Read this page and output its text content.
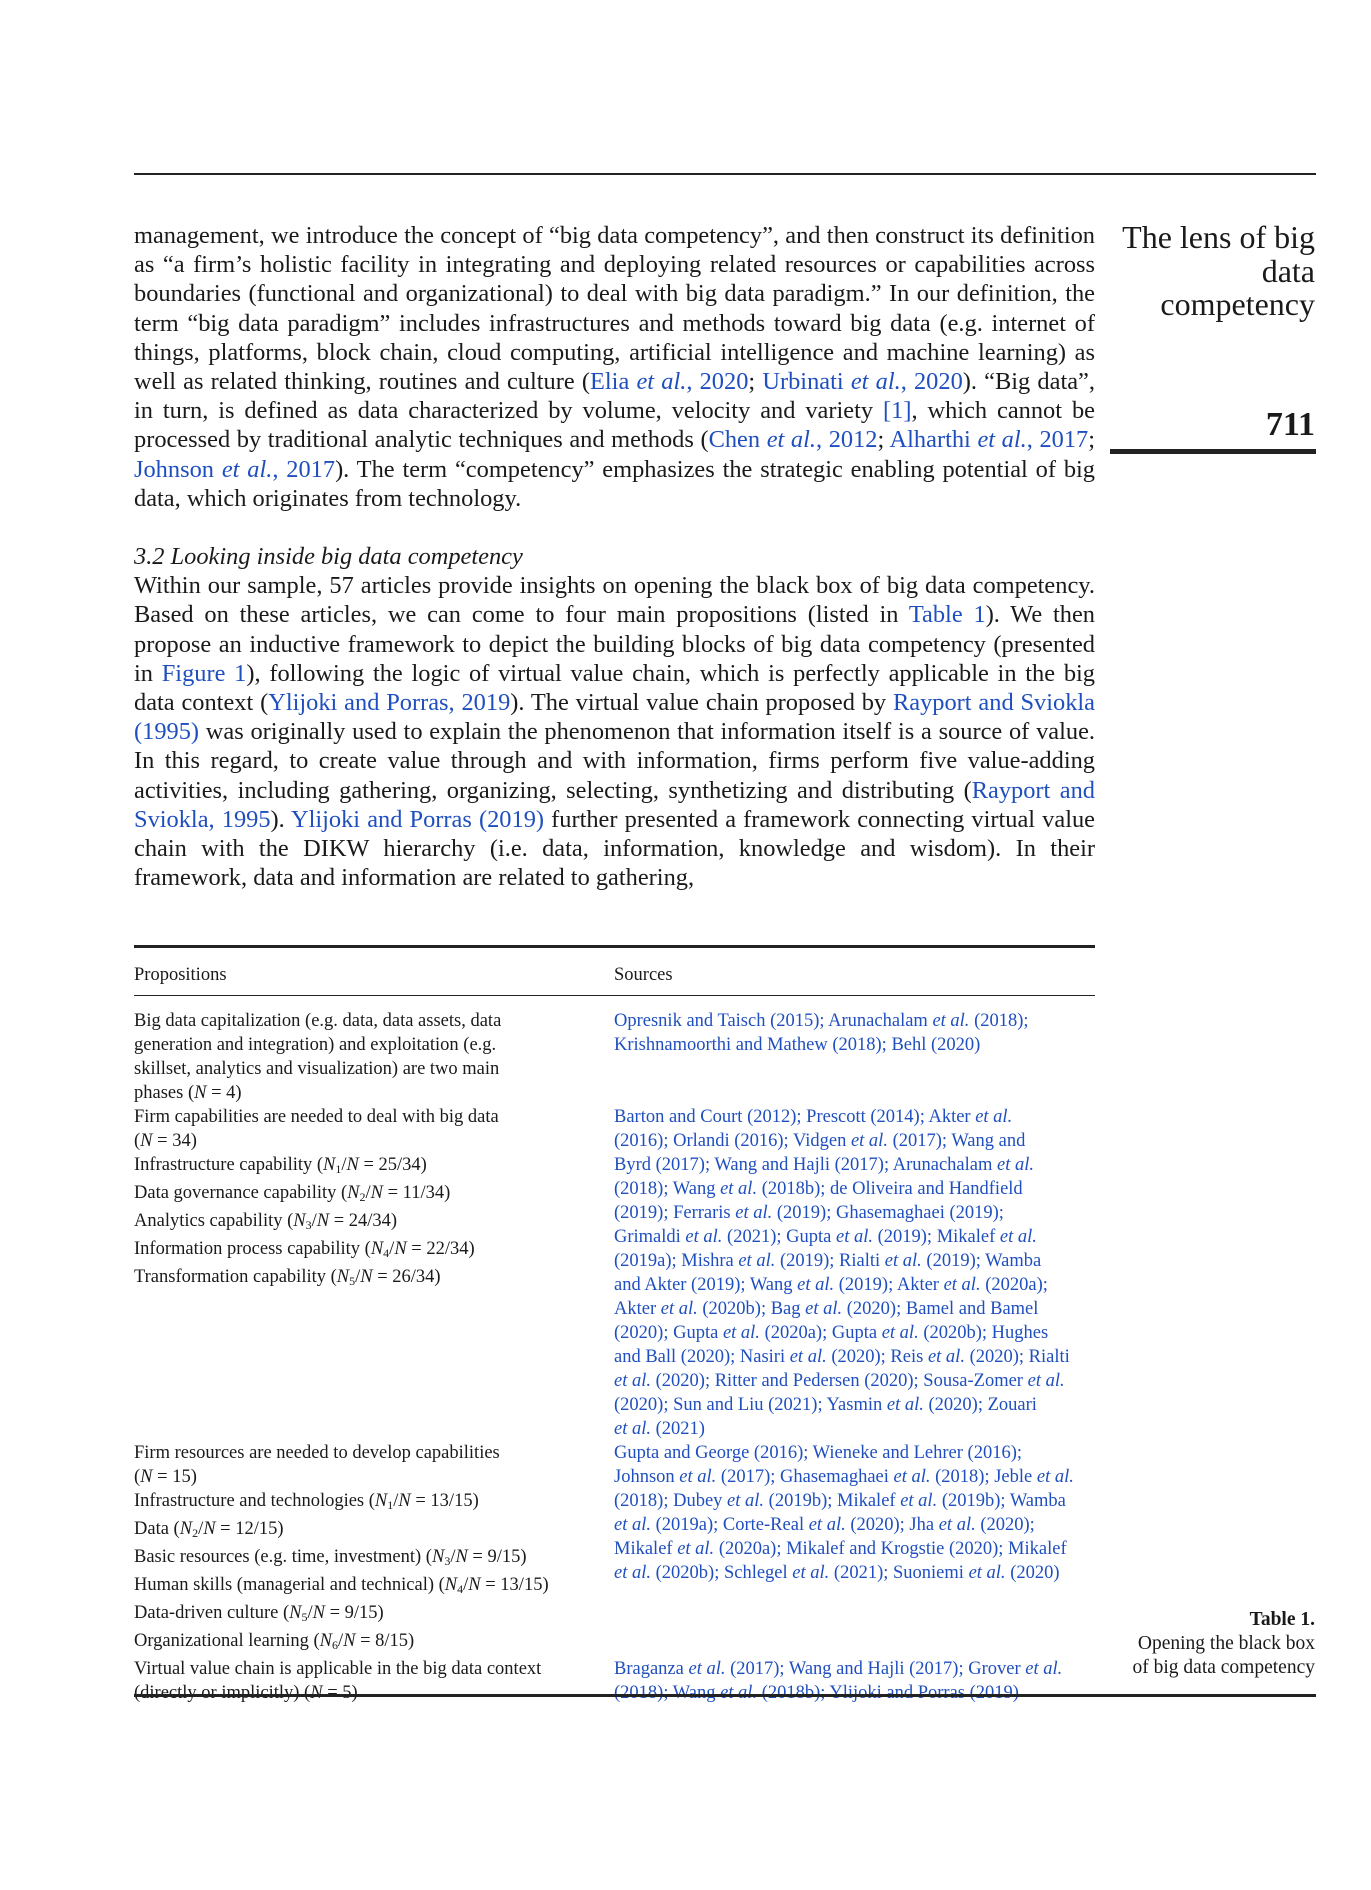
The lens of big
data
competency
711

management, we introduce the concept of “big data competency”, and then construct its definition as “a firm’s holistic facility in integrating and deploying related resources or capabilities across boundaries (functional and organizational) to deal with big data paradigm.” In our definition, the term “big data paradigm” includes infrastructures and methods toward big data (e.g. internet of things, platforms, block chain, cloud computing, artificial intelligence and machine learning) as well as related thinking, routines and culture (Elia et al., 2020; Urbinati et al., 2020). “Big data”, in turn, is defined as data characterized by volume, velocity and variety [1], which cannot be processed by traditional analytic techniques and methods (Chen et al., 2012; Alharthi et al., 2017; Johnson et al., 2017). The term “competency” emphasizes the strategic enabling potential of big data, which originates from technology.

3.2 Looking inside big data competency

Within our sample, 57 articles provide insights on opening the black box of big data competency. Based on these articles, we can come to four main propositions (listed in Table 1). We then propose an inductive framework to depict the building blocks of big data competency (presented in Figure 1), following the logic of virtual value chain, which is perfectly applicable in the big data context (Ylijoki and Porras, 2019). The virtual value chain proposed by Rayport and Sviokla (1995) was originally used to explain the phenomenon that information itself is a source of value. In this regard, to create value through and with information, firms perform five value-adding activities, including gathering, organizing, selecting, synthetizing and distributing (Rayport and Sviokla, 1995). Ylijoki and Porras (2019) further presented a framework connecting virtual value chain with the DIKW hierarchy (i.e. data, information, knowledge and wisdom). In their framework, data and information are related to gathering,

Propositions	Sources
Big data capitalization (e.g. data, data assets, data
generation and integration) and exploitation (e.g.
skillset, analytics and visualization) are two main
phases (N = 4)
Opresnik and Taisch (2015); Arunachalam et al. (2018);
Krishnamoorthi and Mathew (2018); Behl (2020)
Firm capabilities are needed to deal with big data
(N = 34)
Infrastructure capability $(N_1/N = 25/34)$
Data governance capability $(N_2/N = 11/34)$
Analytics capability $(N_3/N = 24/34)$
Information process capability $(N_4/N = 22/34)$
Transformation capability $(N_5/N = 26/34)$
Barton and Court (2012); Prescott (2014); Akter et al.
(2016); Orlandi (2016); Vidgen et al. (2017); Wang and
Byrd (2017); Wang and Hajli (2017); Arunachalam et al.
(2018); Wang et al. (2018b); de Oliveira and Handfield
(2019); Ferraris et al. (2019); Ghasemaghaei (2019);
Grimaldi et al. (2021); Gupta et al. (2019); Mikalef et al.
(2019a); Mishra et al. (2019); Rialti et al. (2019); Wamba
and Akter (2019); Wang et al. (2019); Akter et al. (2020a);
Akter et al. (2020b); Bag et al. (2020); Bamel and Bamel
(2020); Gupta et al. (2020a); Gupta et al. (2020b); Hughes
and Ball (2020); Nasiri et al. (2020); Reis et al. (2020); Rialti
et al. (2020); Ritter and Pedersen (2020); Sousa-Zomer et al.
(2020); Sun and Liu (2021); Yasmin et al. (2020); Zouari
et al. (2021)
Firm resources are needed to develop capabilities
(N = 15)
Infrastructure and technologies $(N_1/N = 13/15)$
Data $(N_2/N = 12/15)$
Basic resources (e.g. time, investment) $(N_3/N = 9/15)$
Human skills (managerial and technical) $(N_4/N = 13/15)$
Data-driven culture $(N_5/N = 9/15)$
Organizational learning $(N_6/N = 8/15)$
Gupta and George (2016); Wieneke and Lehrer (2016);
Johnson et al. (2017); Ghasemaghaei et al. (2018); Jeble et al.
(2018); Dubey et al. (2019b); Mikalef et al. (2019b); Wamba
et al. (2019a); Corte-Real et al. (2020); Jha et al. (2020);
Mikalef et al. (2020a); Mikalef and Krogstie (2020); Mikalef
et al. (2020b); Schlegel et al. (2021); Suoniemi et al. (2020)
Virtual value chain is applicable in the big data context
(directly or implicitly) (N = 5)
Braganza et al. (2017); Wang and Hajli (2017); Grover et al.
(2018); Wang et al. (2018b); Ylijoki and Porras (2019)
Table 1.
Opening the black box
of big data competency
